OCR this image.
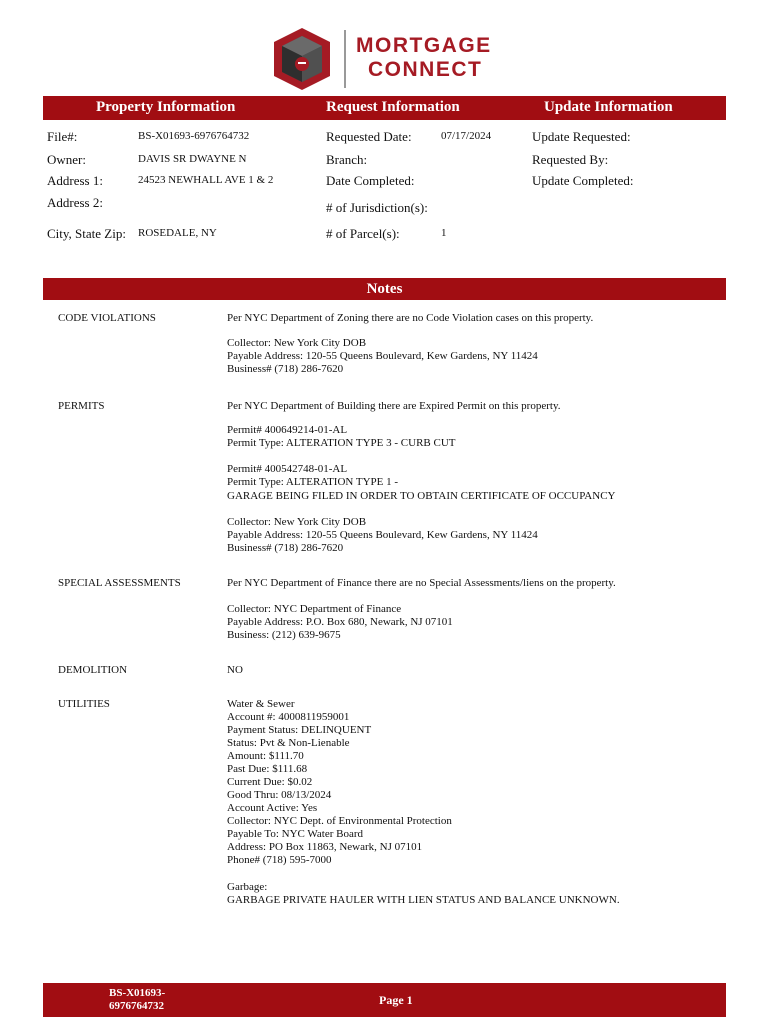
MORTGAGE
CONNECT
Property Information	Request Information	Update Information
File#:	BS-X01693-6976764732
Owner:	DAVIS SR DWAYNE N
Address 1:	24523 NEWHALL AVE 1 & 2
Address 2:
City, State Zip: ROSEDALE, NY
Requested Date:	07/17/2024
Branch:
Date Completed:
# of Jurisdiction(s):
# of Parcel(s):	1
Update Requested:
Requested By:
Update Completed:
Notes
CODE VIOLATIONS	Per NYC Department of Zoning there are no Code Violation cases on this property.
Collector: New York City DOB
Payable Address: 120-55 Queens Boulevard, Kew Gardens, NY 11424
Business# (718) 286-7620
PERMITS	Per NYC Department of Building there are Expired Permit on this property.
Permit# 400649214-01-AL
Permit Type: ALTERATION TYPE 3 - CURB CUT
Permit# 400542748-01-AL
Permit Type: ALTERATION TYPE 1 -
GARAGE BEING FILED IN ORDER TO OBTAIN CERTIFICATE OF OCCUPANCY
Collector: New York City DOB
Payable Address: 120-55 Queens Boulevard, Kew Gardens, NY 11424
Business# (718) 286-7620
SPECIAL ASSESSMENTS	Per NYC Department of Finance there are no Special Assessments/liens on the property.
Collector: NYC Department of Finance
Payable Address: P.O. Box 680, Newark, NJ 07101
Business: (212) 639-9675
DEMOLITION	NO
UTILITIES	Water & Sewer
Account #: 4000811959001
Payment Status: DELINQUENT
Status: Pvt & Non-Lienable
Amount: $111.70
Past Due: $111.68
Current Due: $0.02
Good Thru: 08/13/2024
Account Active: Yes
Collector: NYC Dept. of Environmental Protection
Payable To: NYC Water Board
Address: PO Box 11863, Newark, NJ 07101
Phone# (718) 595-7000
Garbage:
GARBAGE PRIVATE HAULER WITH LIEN STATUS AND BALANCE UNKNOWN.
BS-X01693-
6976764732	Page 1
